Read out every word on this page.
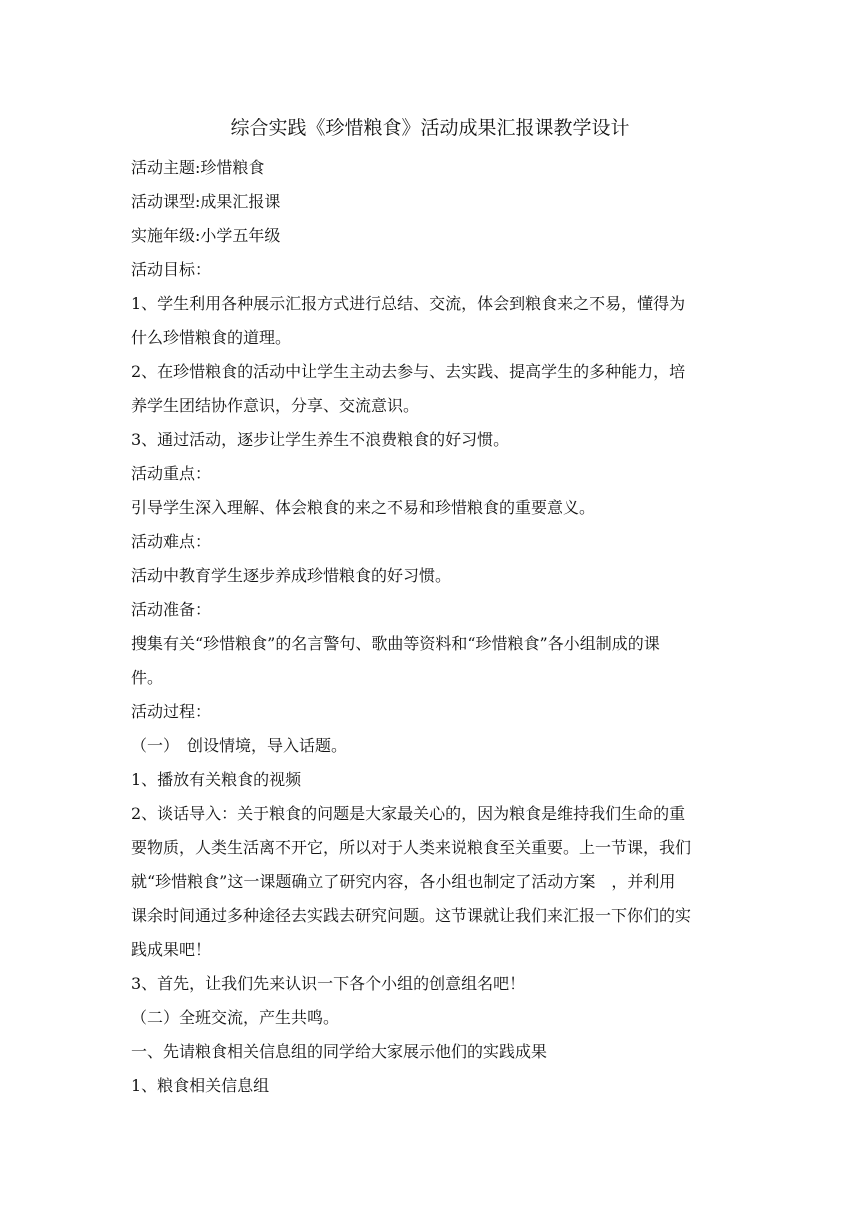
综合实践《珍惜粮食》活动成果汇报课教学设计

活动主题:珍惜粮食

活动课型:成果汇报课

实施年级:小学五年级

活动目标：

1、学生利用各种展示汇报方式进行总结、交流，体会到粮食来之不易，懂得为

什么珍惜粮食的道理。

2、在珍惜粮食的活动中让学生主动去参与、去实践、提高学生的多种能力，培

养学生团结协作意识，分享、交流意识。

3、通过活动，逐步让学生养生不浪费粮食的好习惯。

活动重点：

引导学生深入理解、体会粮食的来之不易和珍惜粮食的重要意义。

活动难点：

活动中教育学生逐步养成珍惜粮食的好习惯。

活动准备：

搜集有关“珍惜粮食”的名言警句、歌曲等资料和“珍惜粮食”各小组制成的课

件。

活动过程：

（一）　创设情境，导入话题。

1、播放有关粮食的视频

2、谈话导入：关于粮食的问题是大家最关心的，因为粮食是维持我们生命的重

要物质，人类生活离不开它，所以对于人类来说粮食至关重要。上一节课，我们

就“珍惜粮食”这一课题确立了研究内容，各小组也制定了活动方案　，并利用

课余时间通过多种途径去实践去研究问题。这节课就让我们来汇报一下你们的实

践成果吧！

3、首先，让我们先来认识一下各个小组的创意组名吧！

（二）全班交流，产生共鸣。

一、先请粮食相关信息组的同学给大家展示他们的实践成果

1、粮食相关信息组
